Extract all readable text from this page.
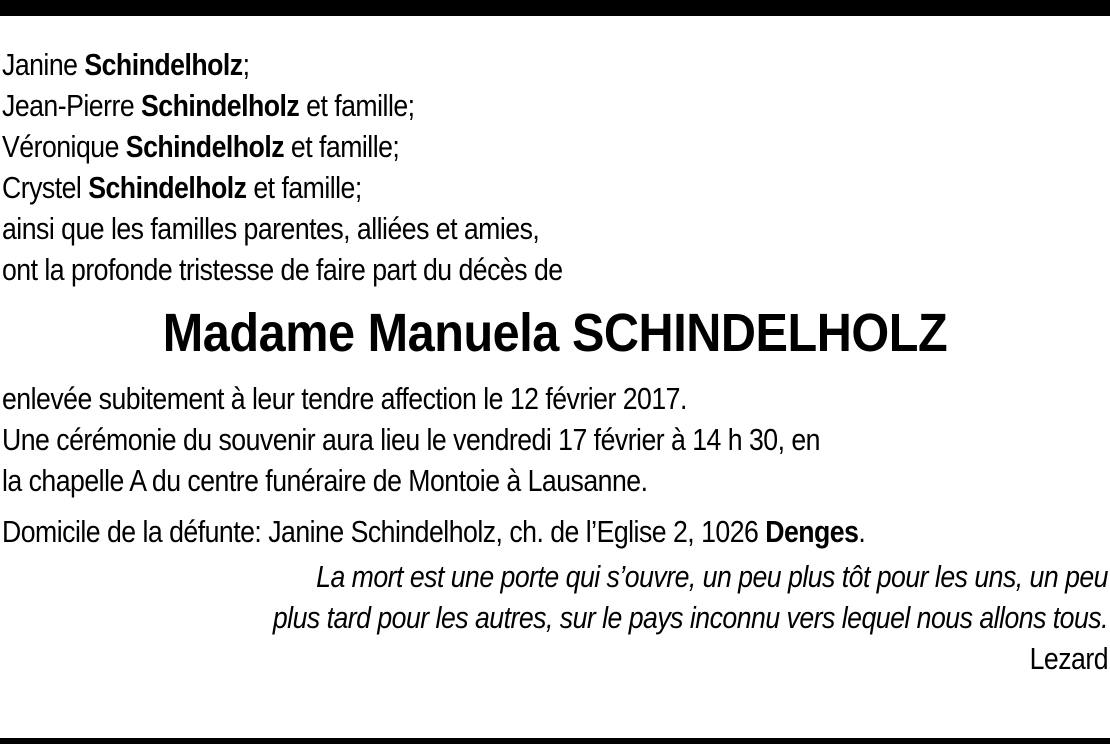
Janine Schindelholz;
Jean-Pierre Schindelholz et famille;
Véronique Schindelholz et famille;
Crystel Schindelholz et famille;
ainsi que les familles parentes, alliées et amies,
ont la profonde tristesse de faire part du décès de
Madame Manuela SCHINDELHOLZ
enlevée subitement à leur tendre affection le 12 février 2017.
Une cérémonie du souvenir aura lieu le vendredi 17 février à 14 h 30, en
la chapelle A du centre funéraire de Montoie à Lausanne.
Domicile de la défunte: Janine Schindelholz, ch. de l’Eglise 2, 1026 Denges.
La mort est une porte qui s’ouvre, un peu plus tôt pour les uns, un peu
plus tard pour les autres, sur le pays inconnu vers lequel nous allons tous.
Lezard
